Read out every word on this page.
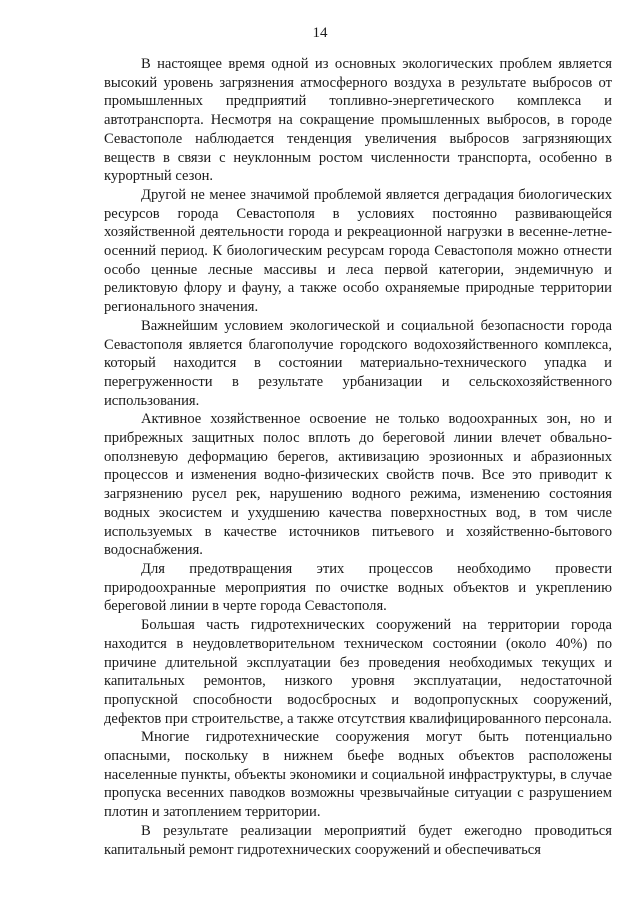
14

В настоящее время одной из основных экологических проблем является высокий уровень загрязнения атмосферного воздуха в результате выбросов от промышленных предприятий топливно-энергетического комплекса и автотранспорта. Несмотря на сокращение промышленных выбросов, в городе Севастополе наблюдается тенденция увеличения выбросов загрязняющих веществ в связи с неуклонным ростом численности транспорта, особенно в курортный сезон.

Другой не менее значимой проблемой является деградация биологических ресурсов города Севастополя в условиях постоянно развивающейся хозяйственной деятельности города и рекреационной нагрузки в весенне-летне-осенний период. К биологическим ресурсам города Севастополя можно отнести особо ценные лесные массивы и леса первой категории, эндемичную и реликтовую флору и фауну, а также особо охраняемые природные территории регионального значения.

Важнейшим условием экологической и социальной безопасности города Севастополя является благополучие городского водохозяйственного комплекса, который находится в состоянии материально-технического упадка и перегруженности в результате урбанизации и сельскохозяйственного использования.

Активное хозяйственное освоение не только водоохранных зон, но и прибрежных защитных полос вплоть до береговой линии влечет обвально-оползневую деформацию берегов, активизацию эрозионных и абразионных процессов и изменения водно-физических свойств почв. Все это приводит к загрязнению русел рек, нарушению водного режима, изменению состояния водных экосистем и ухудшению качества поверхностных вод, в том числе используемых в качестве источников питьевого и хозяйственно-бытового водоснабжения.

Для предотвращения этих процессов необходимо провести природоохранные мероприятия по очистке водных объектов и укреплению береговой линии в черте города Севастополя.

Большая часть гидротехнических сооружений на территории города находится в неудовлетворительном техническом состоянии (около 40%) по причине длительной эксплуатации без проведения необходимых текущих и капитальных ремонтов, низкого уровня эксплуатации, недостаточной пропускной способности водосбросных и водопропускных сооружений, дефектов при строительстве, а также отсутствия квалифицированного персонала.

Многие гидротехнические сооружения могут быть потенциально опасными, поскольку в нижнем бьефе водных объектов расположены населенные пункты, объекты экономики и социальной инфраструктуры, в случае пропуска весенних паводков возможны чрезвычайные ситуации с разрушением плотин и затоплением территории.

В результате реализации мероприятий будет ежегодно проводиться капитальный ремонт гидротехнических сооружений и обеспечиваться
